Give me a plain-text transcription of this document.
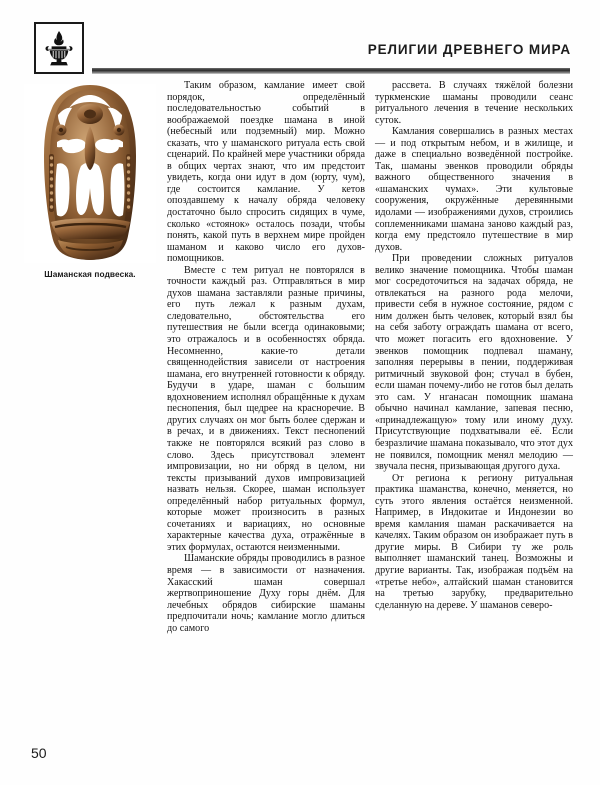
РЕЛИГИИ ДРЕВНЕГО МИРА
Шаманская подвеска.

Таким образом, камлание имеет свой порядок, определённый последовательностью событий в воображаемой поездке шамана в иной (небесный или подземный) мир. Можно сказать, что у шаманского ритуала есть свой сценарий. По крайней мере участники обряда в общих чертах знают, что им предстоит увидеть, когда они идут в дом (юрту, чум), где состоится камлание. У кетов опоздавшему к началу обряда человеку достаточно было спросить сидящих в чуме, сколько «стоянок» осталось позади, чтобы понять, какой путь в верхнем мире пройден шаманом и каково число его духов-помощников.

Вместе с тем ритуал не повторялся в точности каждый раз. Отправляться в мир духов шамана заставляли разные причины, его путь лежал к разным духам, следовательно, обстоятельства его путешествия не были всегда одинаковыми; это отражалось и в особенностях обряда. Несомненно, какие-то детали священнодействия зависели от настроения шамана, его внутренней готовности к обряду. Будучи в ударе, шаман с большим вдохновением исполнял обращённые к духам песнопения, был щедрее на красноречие. В других случаях он мог быть более сдержан и в речах, и в движениях. Текст песнопений также не повторялся всякий раз слово в слово. Здесь присутствовал элемент импровизации, но ни обряд в целом, ни тексты призываний духов импровизацией назвать нельзя. Скорее, шаман использует определённый набор ритуальных формул, которые может произносить в разных сочетаниях и вариациях, но основные характерные качества духа, отражённые в этих формулах, остаются неизменными.

Шаманские обряды проводились в разное время — в зависимости от назначения. Хакасский шаман совершал жертвоприношение Духу горы днём. Для лечебных обрядов сибирские шаманы предпочитали ночь; камлание могло длиться до самого

рассвета. В случаях тяжёлой болезни туркменские шаманы проводили сеанс ритуального лечения в течение нескольких суток.

Камлания совершались в разных местах — и под открытым небом, и в жилище, и даже в специально возведённой постройке. Так, шаманы эвенков проводили обряды важного общественного значения в «шаманских чумах». Эти культовые сооружения, окружённые деревянными идолами — изображениями духов, строились соплеменниками шамана заново каждый раз, когда ему предстояло путешествие в мир духов.

При проведении сложных ритуалов велико значение помощника. Чтобы шаман мог сосредоточиться на задачах обряда, не отвлекаться на разного рода мелочи, привести себя в нужное состояние, рядом с ним должен быть человек, который взял бы на себя заботу ограждать шамана от всего, что может погасить его вдохновение. У эвенков помощник подпевал шаману, заполняя перерывы в пении, поддерживая ритмичный звуковой фон; стучал в бубен, если шаман почему-либо не готов был делать это сам. У нганасан помощник шамана обычно начинал камлание, запевая песню, «принадлежащую» тому или иному духу. Присутствующие подхватывали её. Если безразличие шамана показывало, что этот дух не появился, помощник менял мелодию — звучала песня, призывающая другого духа.

От региона к региону ритуальная практика шаманства, конечно, меняется, но суть этого явления остаётся неизменной. Например, в Индокитае и Индонезии во время камлания шаман раскачивается на качелях. Таким образом он изображает путь в другие миры. В Сибири ту же роль выполняет шаманский танец. Возможны и другие варианты. Так, изображая подъём на «третье небо», алтайский шаман становится на третью зарубку, предварительно сделанную на дереве. У шаманов северо-

50
